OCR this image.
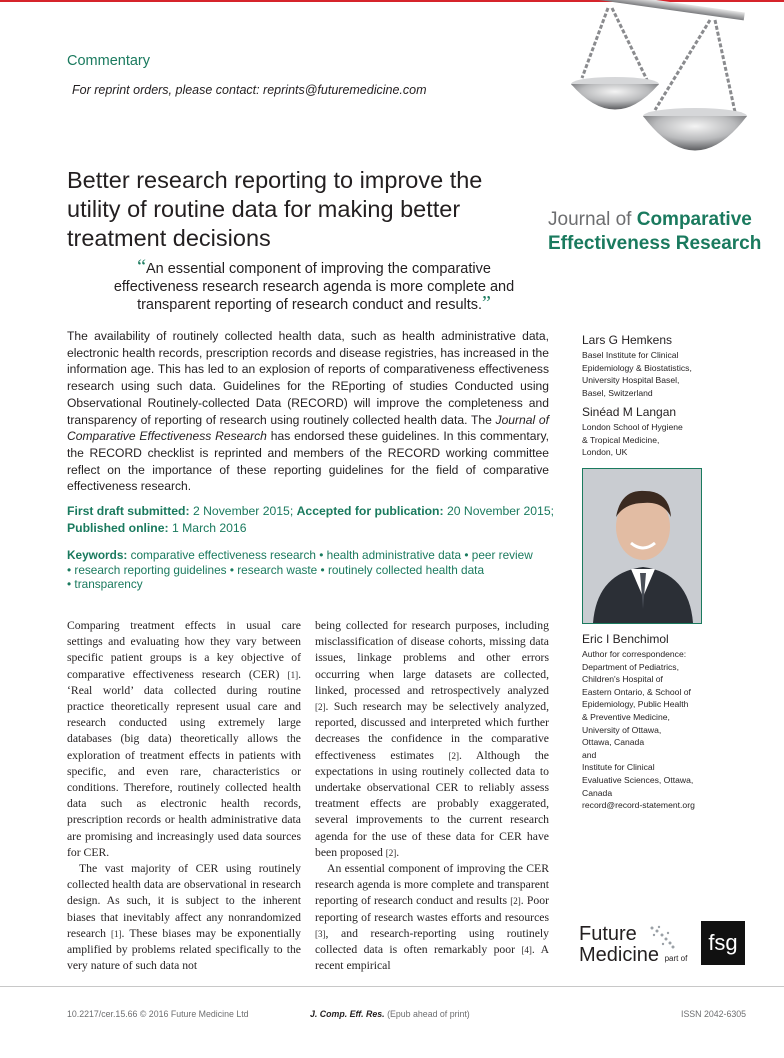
Commentary
For reprint orders, please contact: reprints@futuremedicine.com
Journal of Comparative
Effectiveness Research
Better research reporting to improve the utility of routine data for making better treatment decisions
“An essential component of improving the comparative effectiveness research research agenda is more complete and transparent reporting of research conduct and results.”
The availability of routinely collected health data, such as health administrative data, electronic health records, prescription records and disease registries, has increased in the information age. This has led to an explosion of reports of comparativeness effectiveness research using such data. Guidelines for the REporting of studies Conducted using Observational Routinely-collected Data (RECORD) will improve the completeness and transparency of reporting of research using routinely collected health data. The Journal of Comparative Effectiveness Research has endorsed these guidelines. In this commentary, the RECORD checklist is reprinted and members of the RECORD working committee reflect on the importance of these reporting guidelines for the field of comparative effectiveness research.
First draft submitted: 2 November 2015; Accepted for publication: 20 November 2015;
Published online: 1 March 2016
Keywords: comparative effectiveness research • health administrative data • peer review
• research reporting guidelines • research waste • routinely collected health data
• transparency
Lars G Hemkens
Basel Institute for Clinical
Epidemiology & Biostatistics,
University Hospital Basel,
Basel, Switzerland
Sinéad M Langan
London School of Hygiene
& Tropical Medicine,
London, UK
Eric I Benchimol
Author for correspondence:
Department of Pediatrics,
Children's Hospital of
Eastern Ontario, & School of
Epidemiology, Public Health
& Preventive Medicine,
University of Ottawa,
Ottawa, Canada
and
Institute for Clinical
Evaluative Sciences, Ottawa,
Canada
record@record-statement.org

Comparing treatment effects in usual care settings and evaluating how they vary between specific patient groups is a key objective of comparative effectiveness research (CER) [1]. ‘Real world’ data collected during routine practice theoretically represent usual care and research conducted using extremely large databases (big data) theoretically allows the exploration of treatment effects in patients with specific, and even rare, characteristics or conditions. Therefore, routinely collected health data such as electronic health records, prescription records or health administrative data are promising and increasingly used data sources for CER.

The vast majority of CER using routinely collected health data are observational in research design. As such, it is subject to the inherent biases that inevitably affect any nonrandomized research [1]. These biases may be exponentially amplified by problems related specifically to the very nature of such data not

being collected for research purposes, including misclassification of disease cohorts, missing data issues, linkage problems and other errors occurring when large datasets are collected, linked, processed and retrospectively analyzed [2]. Such research may be selectively analyzed, reported, discussed and interpreted which further decreases the confidence in the comparative effectiveness estimates [2]. Although the expectations in using routinely collected data to undertake observational CER to reliably assess treatment effects are probably exaggerated, several improvements to the current research agenda for the use of these data for CER have been proposed [2].

An essential component of improving the CER research agenda is more complete and transparent reporting of research conduct and results [2]. Poor reporting of research wastes efforts and resources [3], and research-reporting using routinely collected data is often remarkably poor [4]. A recent empirical

Future
Medicine part of
fsg
10.2217/cer.15.66 © 2016 Future Medicine Ltd	J. Comp. Eff. Res. (Epub ahead of print)	ISSN 2042-6305
